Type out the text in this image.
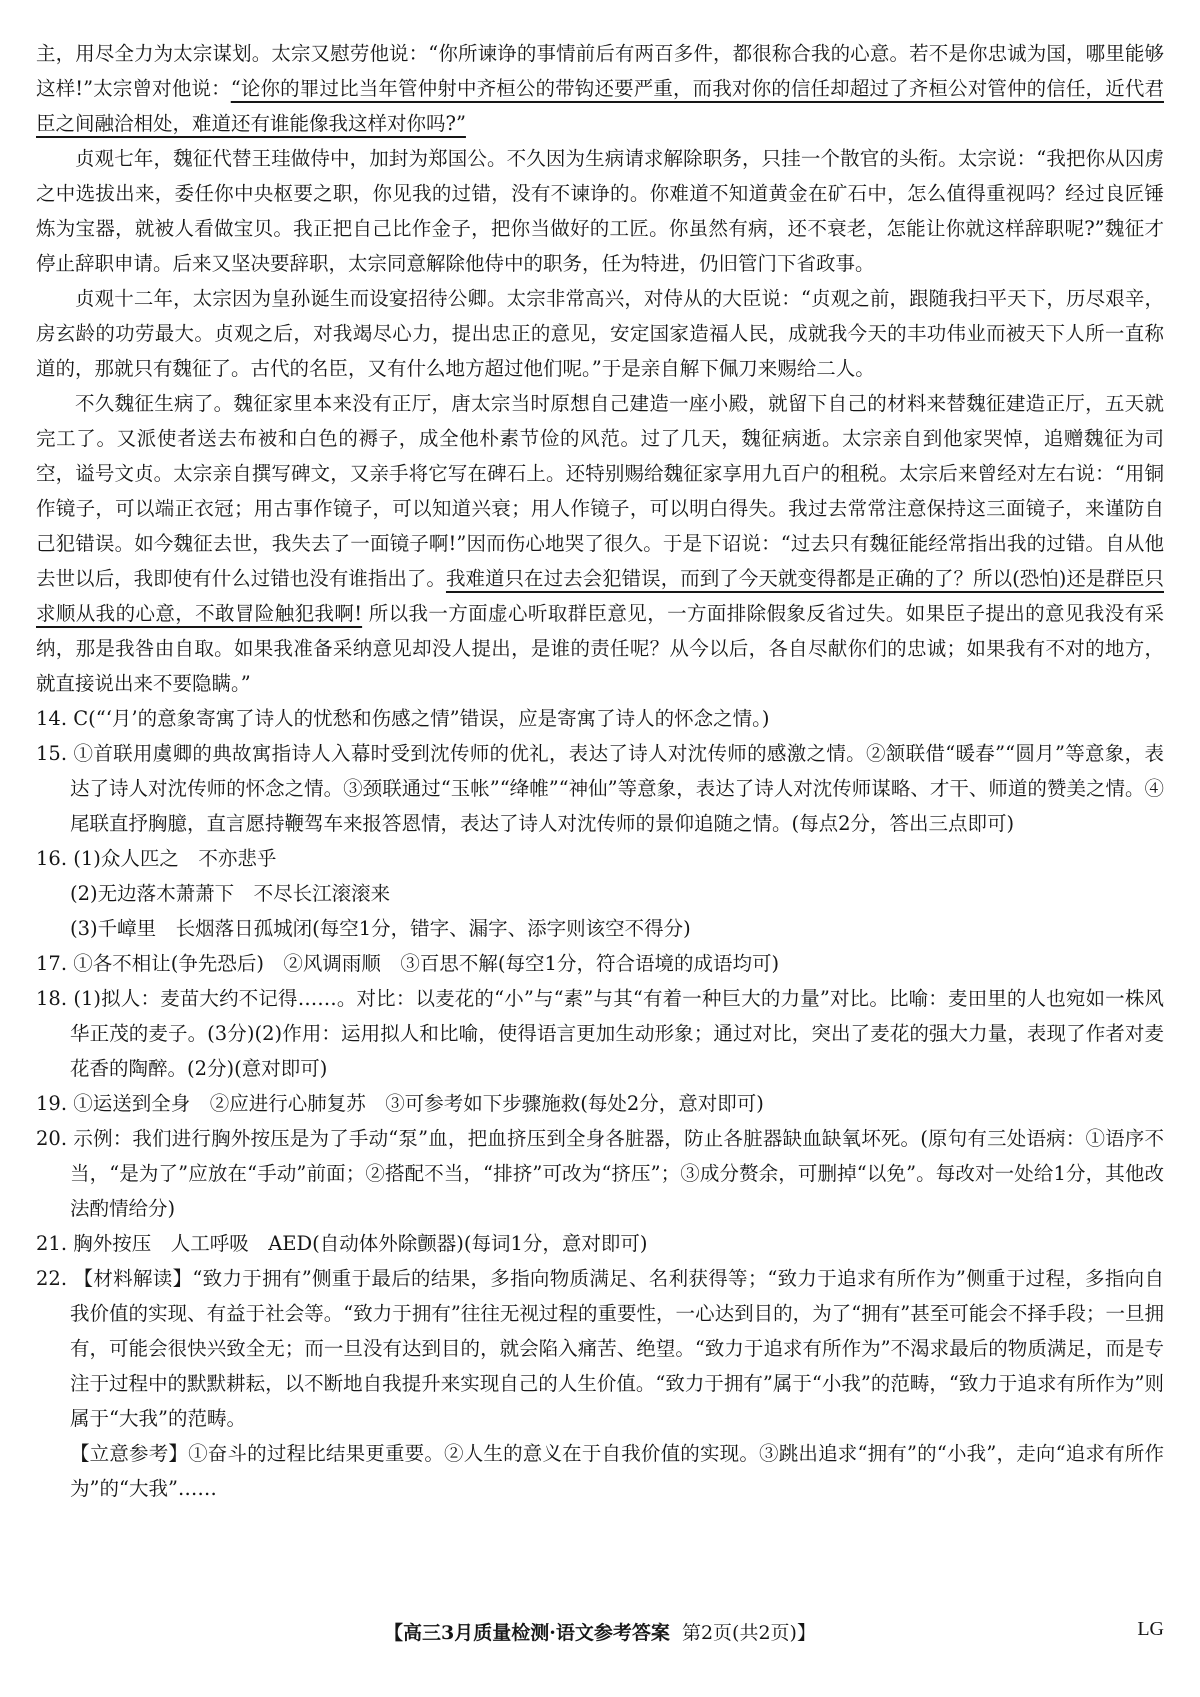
主，用尽全力为太宗谋划。太宗又慰劳他说：“你所谏诤的事情前后有两百多件，都很称合我的心意。若不是你忠诚为国，哪里能够这样!”太宗曾对他说：“论你的罪过比当年管仲射中齐桓公的带钩还要严重，而我对你的信任却超过了齐桓公对管仲的信任，近代君臣之间融洽相处，难道还有谁能像我这样对你吗?”

贞观七年，魏征代替王珪做侍中，加封为郑国公。不久因为生病请求解除职务，只挂一个散官的头衔。太宗说：“我把你从囚虏之中选拔出来，委任你中央枢要之职，你见我的过错，没有不谏诤的。你难道不知道黄金在矿石中，怎么值得重视吗？经过良匠锤炼为宝器，就被人看做宝贝。我正把自己比作金子，把你当做好的工匠。你虽然有病，还不衰老，怎能让你就这样辞职呢?”魏征才停止辞职申请。后来又坚决要辞职，太宗同意解除他侍中的职务，任为特进，仍旧管门下省政事。

贞观十二年，太宗因为皇孙诞生而设宴招待公卿。太宗非常高兴，对侍从的大臣说：“贞观之前，跟随我扫平天下，历尽艰辛，房玄龄的功劳最大。贞观之后，对我竭尽心力，提出忠正的意见，安定国家造福人民，成就我今天的丰功伟业而被天下人所一直称道的，那就只有魏征了。古代的名臣，又有什么地方超过他们呢。”于是亲自解下佩刀来赐给二人。

不久魏征生病了。魏征家里本来没有正厅，唐太宗当时原想自己建造一座小殿，就留下自己的材料来替魏征建造正厅，五天就完工了。又派使者送去布被和白色的褥子，成全他朴素节俭的风范。过了几天，魏征病逝。太宗亲自到他家哭悼，追赠魏征为司空，谥号文贞。太宗亲自撰写碑文，又亲手将它写在碑石上。还特别赐给魏征家享用九百户的租税。太宗后来曾经对左右说：“用铜作镜子，可以端正衣冠；用古事作镜子，可以知道兴衰；用人作镜子，可以明白得失。我过去常常注意保持这三面镜子，来谨防自己犯错误。如今魏征去世，我失去了一面镜子啊!”因而伤心地哭了很久。于是下诏说：“过去只有魏征能经常指出我的过错。自从他去世以后，我即使有什么过错也没有谁指出了。我难道只在过去会犯错误，而到了今天就变得都是正确的了？所以(恐怕)还是群臣只求顺从我的心意，不敢冒险触犯我啊! 所以我一方面虚心听取群臣意见，一方面排除假象反省过失。如果臣子提出的意见我没有采纳，那是我咎由自取。如果我准备采纳意见却没人提出，是谁的责任呢？从今以后，各自尽献你们的忠诚；如果我有不对的地方，就直接说出来不要隐瞒。”

14. C(“‘月’的意象寄寓了诗人的忧愁和伤感之情”错误，应是寄寓了诗人的怀念之情。)

15. ①首联用虞卿的典故寓指诗人入幕时受到沈传师的优礼，表达了诗人对沈传师的感激之情。②颔联借“暖春”“圆月”等意象，表达了诗人对沈传师的怀念之情。③颈联通过“玉帐”“绛帷”“神仙”等意象，表达了诗人对沈传师谋略、才干、师道的赞美之情。④尾联直抒胸臆，直言愿持鞭驾车来报答恩情，表达了诗人对沈传师的景仰追随之情。(每点2分，答出三点即可)

16. (1)众人匹之　不亦悲乎

(2)无边落木萧萧下　不尽长江滚滚来

(3)千嶂里　长烟落日孤城闭(每空1分，错字、漏字、添字则该空不得分)

17. ①各不相让(争先恐后)　②风调雨顺　③百思不解(每空1分，符合语境的成语均可)

18. (1)拟人：麦苗大约不记得……。对比：以麦花的“小”与“素”与其“有着一种巨大的力量”对比。比喻：麦田里的人也宛如一株风华正茂的麦子。(3分)(2)作用：运用拟人和比喻，使得语言更加生动形象；通过对比，突出了麦花的强大力量，表现了作者对麦花香的陶醉。(2分)(意对即可)

19. ①运送到全身　②应进行心肺复苏　③可参考如下步骤施救(每处2分，意对即可)

20. 示例：我们进行胸外按压是为了手动“泵”血，把血挤压到全身各脏器，防止各脏器缺血缺氧坏死。(原句有三处语病：①语序不当，“是为了”应放在“手动”前面；②搭配不当，“排挤”可改为“挤压”；③成分赘余，可删掉“以免”。每改对一处给1分，其他改法酌情给分)

21. 胸外按压　人工呼吸　AED(自动体外除颤器)(每词1分，意对即可)

22. 【材料解读】“致力于拥有”侧重于最后的结果，多指向物质满足、名利获得等；“致力于追求有所作为”侧重于过程，多指向自我价值的实现、有益于社会等。“致力于拥有”往往无视过程的重要性，一心达到目的，为了“拥有”甚至可能会不择手段；一旦拥有，可能会很快兴致全无；而一旦没有达到目的，就会陷入痛苦、绝望。“致力于追求有所作为”不渴求最后的物质满足，而是专注于过程中的默默耕耘，以不断地自我提升来实现自己的人生价值。“致力于拥有”属于“小我”的范畴，“致力于追求有所作为”则属于“大我”的范畴。

【立意参考】①奋斗的过程比结果更重要。②人生的意义在于自我价值的实现。③跳出追求“拥有”的“小我”，走向“追求有所作为”的“大我”……

【高三3月质量检测·语文参考答案 第2页(共2页)】	LG
